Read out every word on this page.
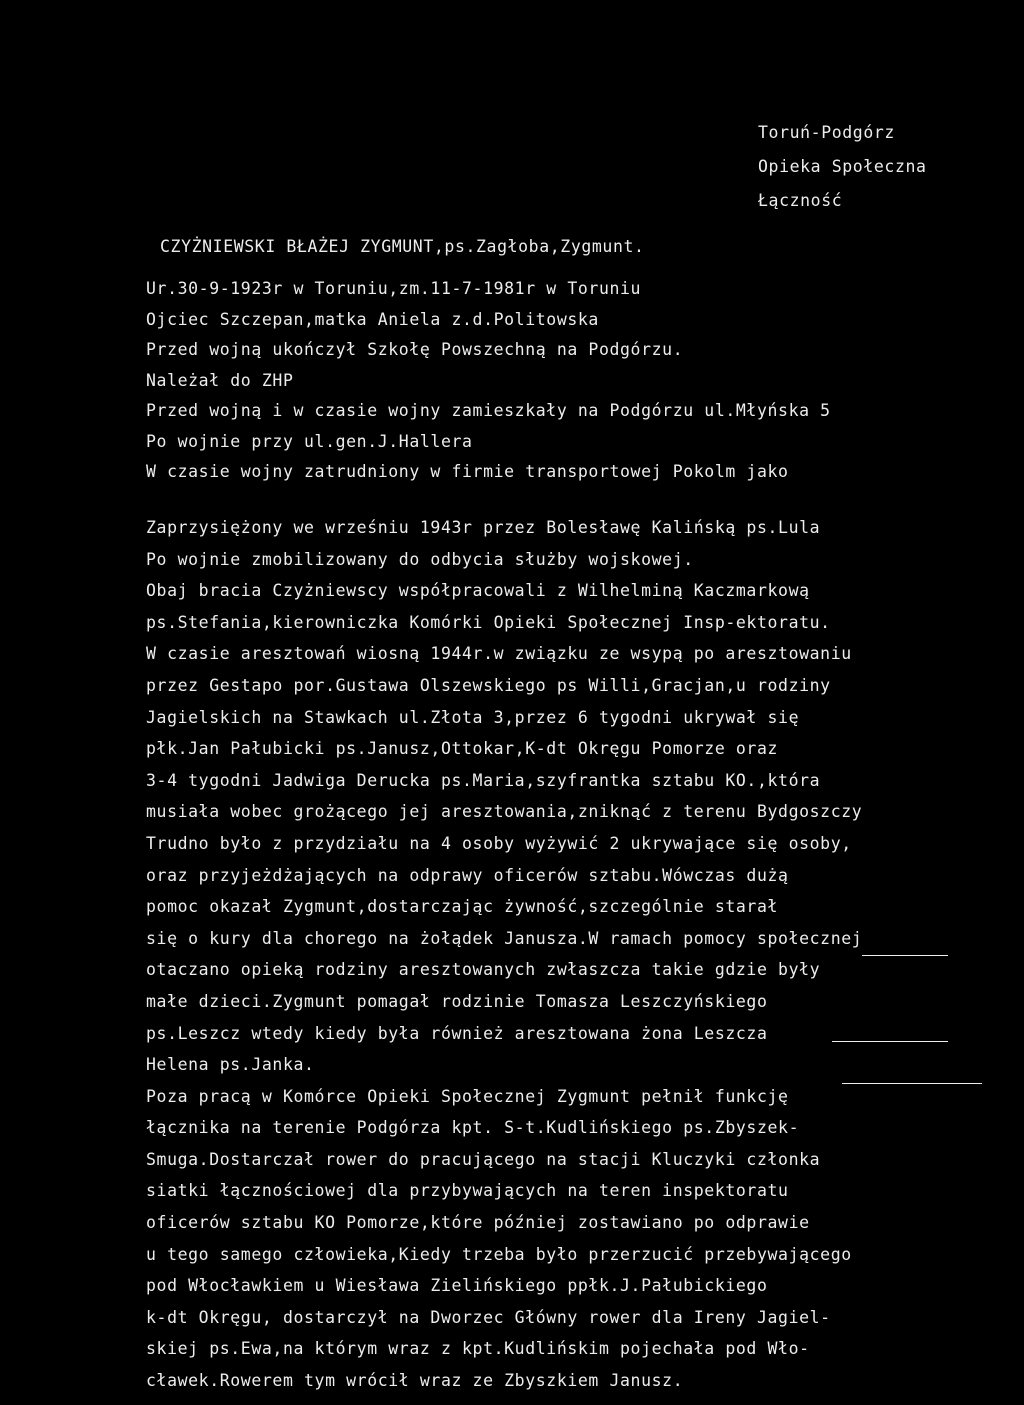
Toruń-Podgórz
Opieka Społeczna
Łączność
CZYŻNIEWSKI BŁAŻEJ ZYGMUNT,ps.Zagłoba,Zygmunt.
Ur.30-9-1923r w Toruniu,zm.11-7-1981r w Toruniu
Ojciec Szczepan,matka Aniela z.d.Politowska
Przed wojną ukończył Szkołę Powszechną na Podgórzu.
Należał do ZHP
Przed wojną i w czasie wojny zamieszkały na Podgórzu ul.Młyńska 5
Po wojnie przy ul.gen.J.Hallera
W czasie wojny zatrudniony w firmie transportowej Pokolm jako
Zaprzysiężony we wrześniu 1943r przez Bolesławę Kalińską ps.Lula
Po wojnie zmobilizowany do odbycia służby wojskowej.
Obaj bracia Czyżniewscy współpracowali z Wilhelminą Kaczmarkową
ps.Stefania,kierowniczka Komórki Opieki Społecznej Insp-ektoratu.
W czasie aresztowań wiosną 1944r.w związku ze wsypą po aresztowaniu
przez Gestapo por.Gustawa Olszewskiego ps Willi,Gracjan,u rodziny
Jagielskich na Stawkach ul.Złota 3,przez 6 tygodni ukrywał się
płk.Jan Pałubicki ps.Janusz,Ottokar,K-dt Okręgu Pomorze oraz
3-4 tygodni Jadwiga Derucka ps.Maria,szyfrantka sztabu KO.,która
musiała wobec grożącego jej aresztowania,zniknąć z terenu Bydgoszczy
Trudno było z przydziału na 4 osoby wyżywić 2 ukrywające się osoby,
oraz przyjeżdżających na odprawy oficerów sztabu.Wówczas dużą
pomoc okazał Zygmunt,dostarczając żywność,szczególnie starał
się o kury dla chorego na żołądek Janusza.W ramach pomocy społecznej
otaczano opieką rodziny aresztowanych zwłaszcza takie gdzie były
małe dzieci.Zygmunt pomagał rodzinie Tomasza Leszczyńskiego
ps.Leszcz wtedy kiedy była również aresztowana żona Leszcza
Helena ps.Janka.
Poza pracą w Komórce Opieki Społecznej Zygmunt pełnił funkcję
łącznika na terenie Podgórza kpt. S-t.Kudlińskiego ps.Zbyszek-
Smuga.Dostarczał rower do pracującego na stacji Kluczyki członka
siatki łącznościowej dla przybywających na teren inspektoratu
oficerów sztabu KO Pomorze,które później zostawiano po odprawie
u tego samego człowieka,Kiedy trzeba było przerzucić przebywającego
pod Włocławkiem u Wiesława Zielińskiego ppłk.J.Pałubickiego
k-dt Okręgu, dostarczył na Dworzec Główny rower dla Ireny Jagiel-
skiej ps.Ewa,na którym wraz z kpt.Kudlińskim pojechała pod Wło-
cławek.Rowerem tym wrócił wraz ze Zbyszkiem Janusz.
